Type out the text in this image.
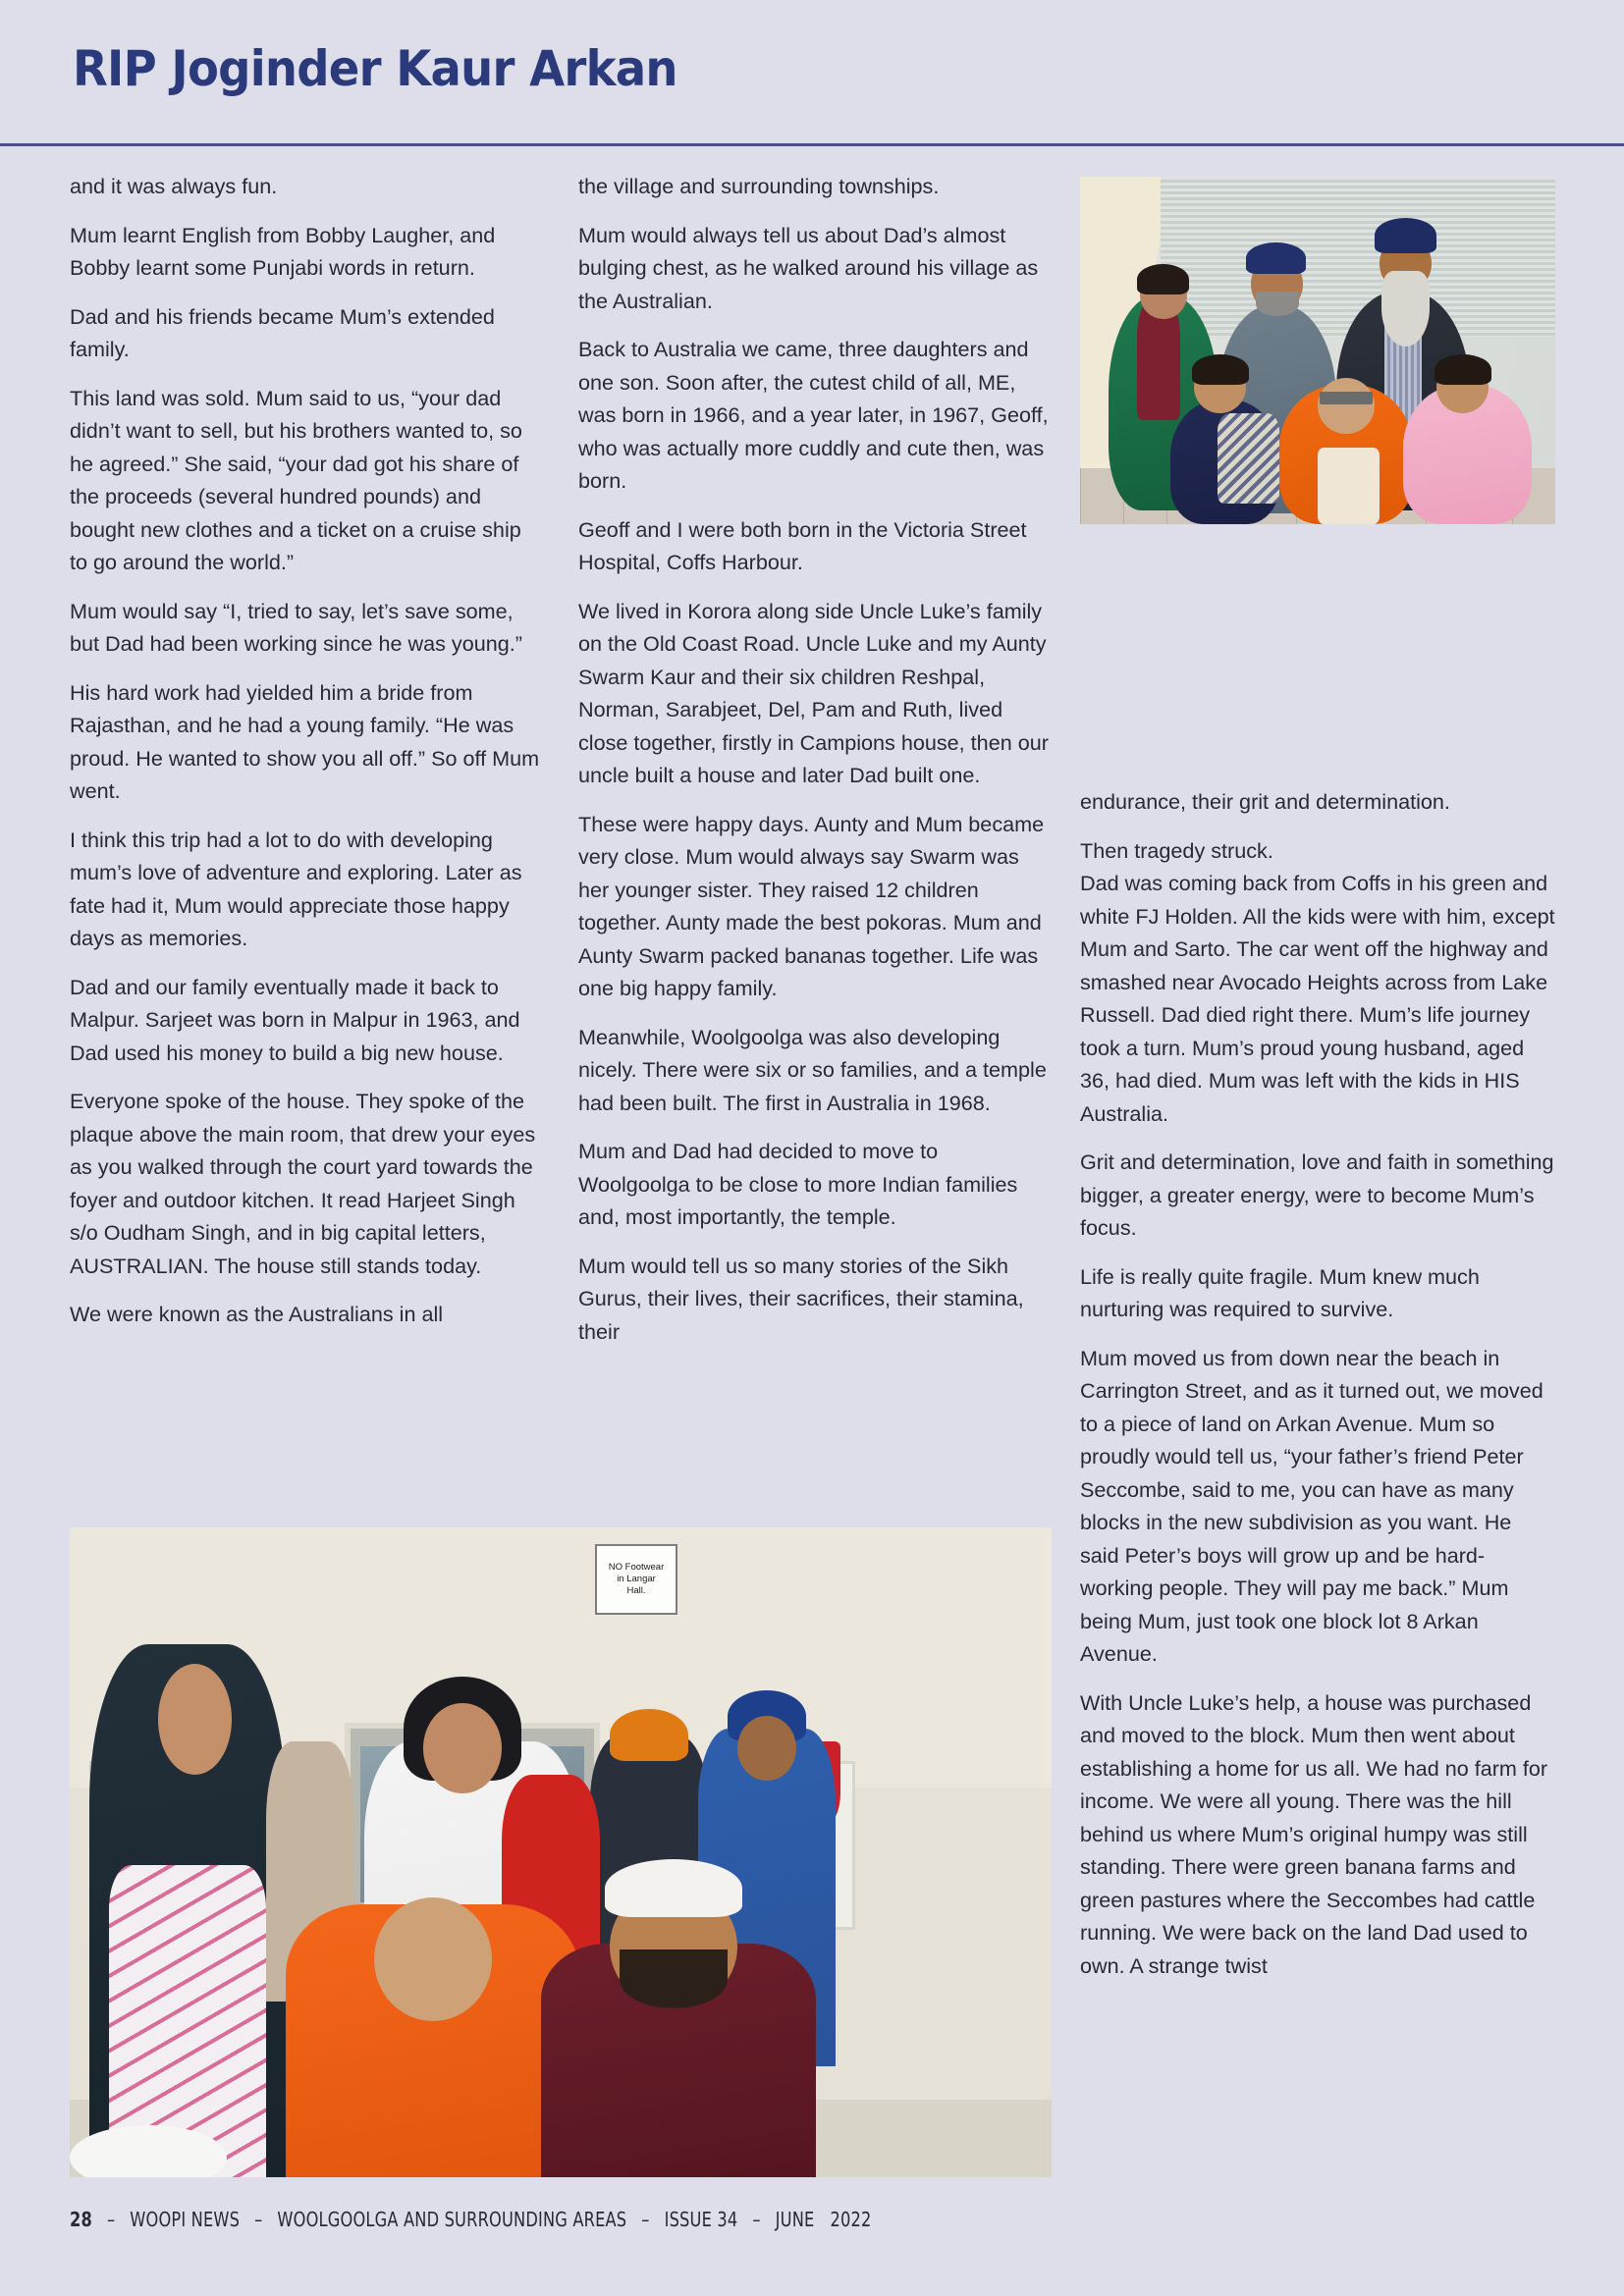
RIP Joginder Kaur Arkan

and it was always fun.

Mum learnt English from Bobby Laugher, and Bobby learnt some Punjabi words in return.

Dad and his friends became Mum’s extended family.

This land was sold. Mum said to us, “your dad didn’t want to sell, but his brothers wanted to, so he agreed.” She said, “your dad got his share of the proceeds (several hundred pounds) and bought new clothes and a ticket on a cruise ship to go around the world.”

Mum would say “I, tried to say, let’s save some, but Dad had been working since he was young.”

His hard work had yielded him a bride from Rajasthan, and he had a young family. “He was proud. He wanted to show you all off.” So off Mum went.

I think this trip had a lot to do with developing mum’s love of adventure and exploring. Later as fate had it, Mum would appreciate those happy days as memories.

Dad and our family eventually made it back to Malpur. Sarjeet was born in Malpur in 1963, and Dad used his money to build a big new house.

Everyone spoke of the house. They spoke of the plaque above the main room, that drew your eyes as you walked through the court yard towards the foyer and outdoor kitchen. It read Harjeet Singh s/o Oudham Singh, and in big capital letters, AUSTRALIAN. The house still stands today.

We were known as the Australians in all

the village and surrounding townships.

Mum would always tell us about Dad’s almost bulging chest, as he walked around his village as the Australian.

Back to Australia we came, three daughters and one son. Soon after, the cutest child of all, ME, was born in 1966, and a year later, in 1967, Geoff, who was actually more cuddly and cute then, was born.

Geoff and I were both born in the Victoria Street Hospital, Coffs Harbour.

We lived in Korora along side Uncle Luke’s family on the Old Coast Road. Uncle Luke and my Aunty Swarm Kaur and their six children Reshpal, Norman, Sarabjeet, Del, Pam and Ruth, lived close together, firstly in Campions house, then our uncle built a house and later Dad built one.

These were happy days. Aunty and Mum became very close. Mum would always say Swarm was her younger sister. They raised 12 children together. Aunty made the best pokoras. Mum and Aunty Swarm packed bananas together. Life was one big happy family.

Meanwhile, Woolgoolga was also developing nicely. There were six or so families, and a temple had been built. The first in Australia in 1968.

Mum and Dad had decided to move to Woolgoolga to be close to more Indian families and, most importantly, the temple.

Mum would tell us so many stories of the Sikh Gurus, their lives, their sacrifices, their stamina, their

endurance, their grit and determination.

Then tragedy struck.

Dad was coming back from Coffs in his green and white FJ Holden. All the kids were with him, except Mum and Sarto. The car went off the highway and smashed near Avocado Heights across from Lake Russell. Dad died right there. Mum’s life journey took a turn. Mum’s proud young husband, aged 36, had died. Mum was left with the kids in HIS Australia.

Grit and determination, love and faith in something bigger, a greater energy, were to become Mum’s focus.

Life is really quite fragile. Mum knew much nurturing was required to survive.

Mum moved us from down near the beach in Carrington Street, and as it turned out, we moved to a piece of land on Arkan Avenue. Mum so proudly would tell us, “your father’s friend Peter Seccombe, said to me, you can have as many blocks in the new subdivision as you want. He said Peter’s boys will grow up and be hard-working people. They will pay me back.” Mum being Mum, just took one block lot 8 Arkan Avenue.

With Uncle Luke’s help, a house was purchased and moved to the block. Mum then went about establishing a home for us all. We had no farm for income. We were all young. There was the hill behind us where Mum’s original humpy was still standing. There were green banana farms and green pastures where the Seccombes had cattle running. We were back on the land Dad used to own. A strange twist

NO Footwear
in Langar
Hall.
28 – WOOPI NEWS – WOOLGOOLGA AND SURROUNDING AREAS – ISSUE 34 – JUNE 2022
